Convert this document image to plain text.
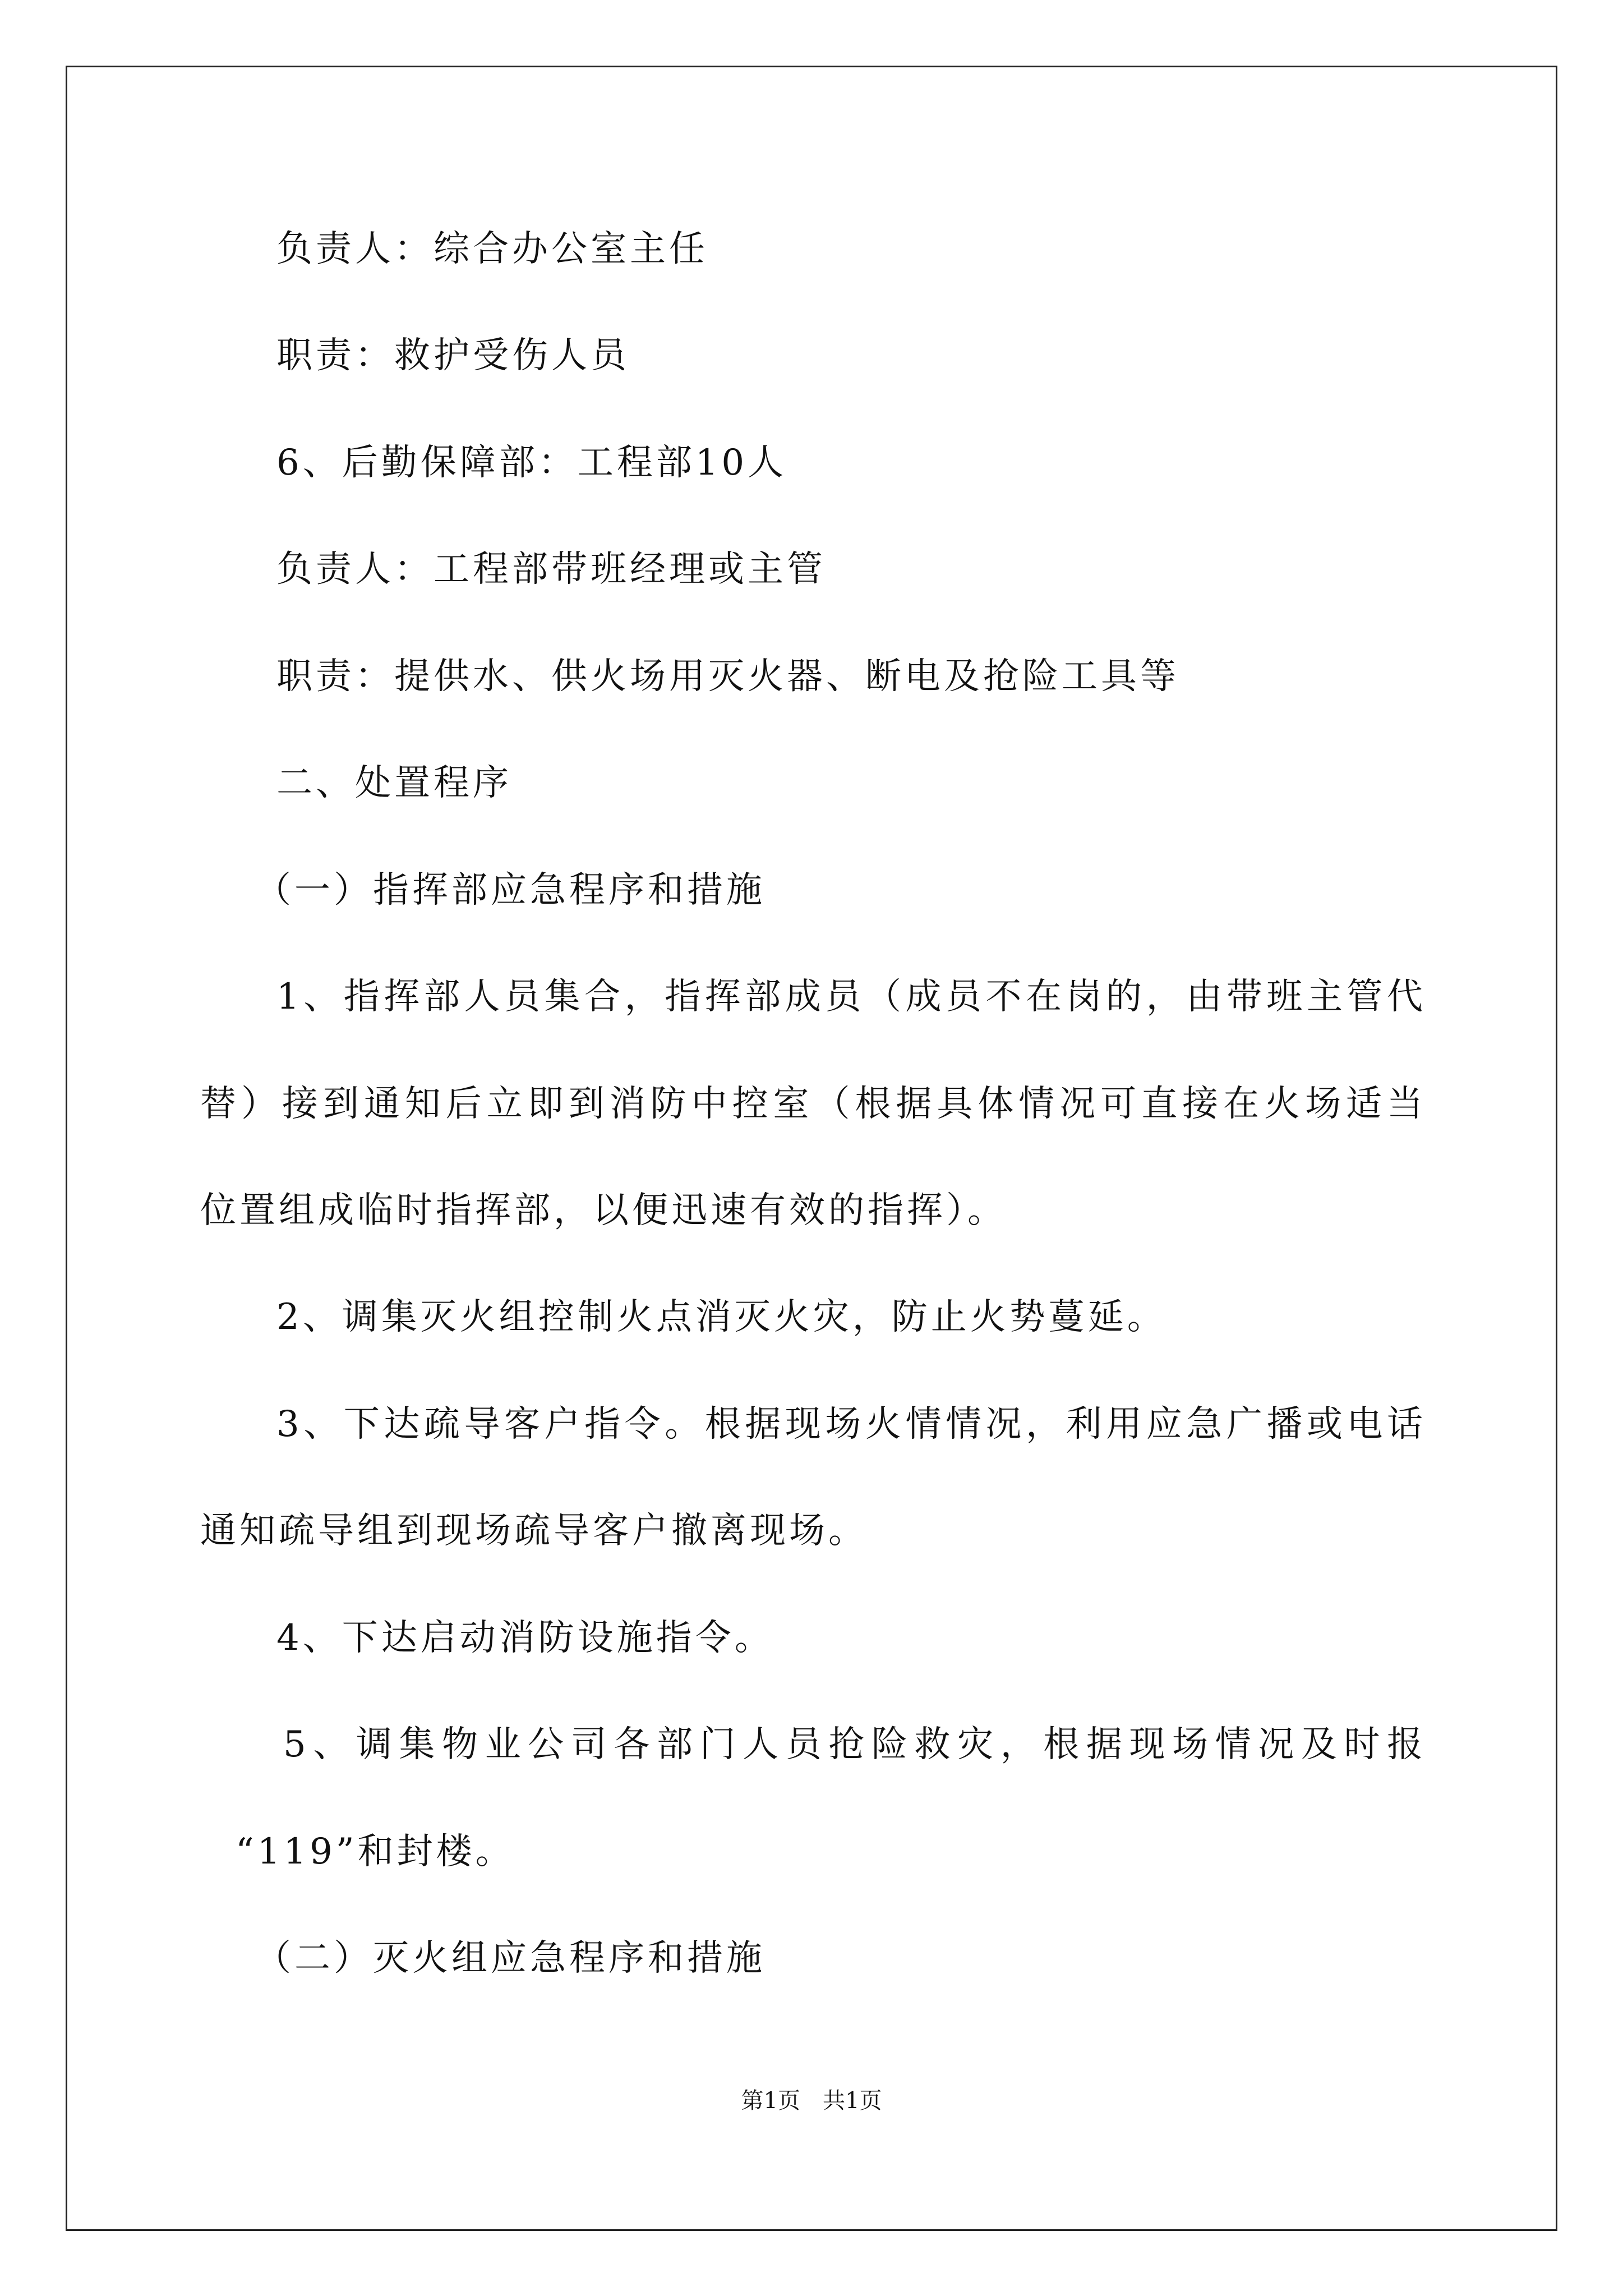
负责人：综合办公室主任
职责：救护受伤人员
6、后勤保障部：工程部10人
负责人：工程部带班经理或主管
职责：提供水、供火场用灭火器、断电及抢险工具等
二、处置程序
（一）指挥部应急程序和措施
1、指挥部人员集合，指挥部成员（成员不在岗的，由带班主管代
替）接到通知后立即到消防中控室（根据具体情况可直接在火场适当
位置组成临时指挥部，以便迅速有效的指挥）。
2、调集灭火组控制火点消灭火灾，防止火势蔓延。
3、下达疏导客户指令。根据现场火情情况，利用应急广播或电话
通知疏导组到现场疏导客户撤离现场。
4、下达启动消防设施指令。
5、调集物业公司各部门人员抢险救灾，根据现场情况及时报
“119”和封楼。
（二）灭火组应急程序和措施
第1页　共1页
